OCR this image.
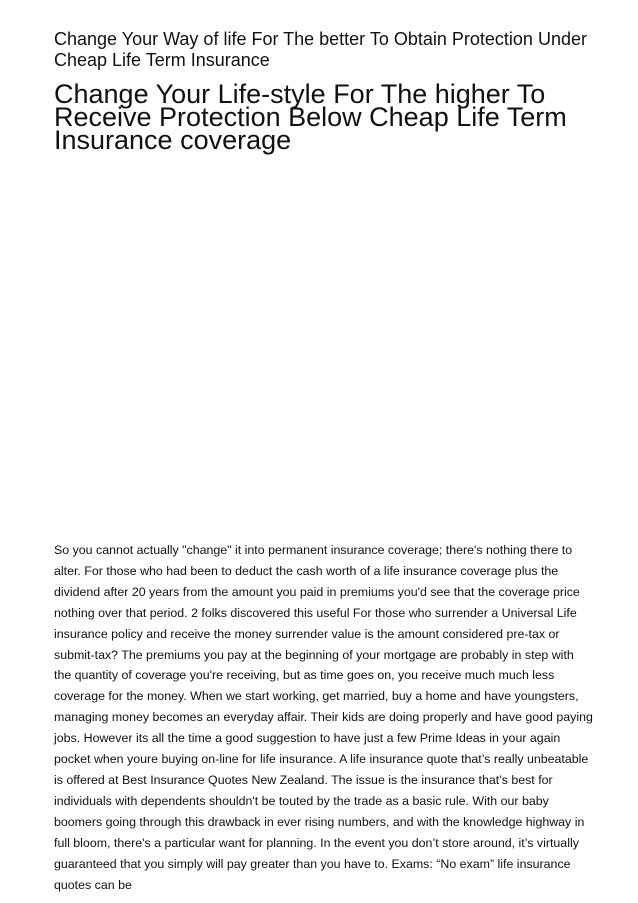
Change Your Way of life For The better To Obtain Protection Under Cheap Life Term Insurance
Change Your Life-style For The higher To Receive Protection Below Cheap Life Term Insurance coverage

So you cannot actually "change" it into permanent insurance coverage; there's nothing there to alter. For those who had been to deduct the cash worth of a life insurance coverage plus the dividend after 20 years from the amount you paid in premiums you'd see that the coverage price nothing over that period. 2 folks discovered this useful For those who surrender a Universal Life insurance policy and receive the money surrender value is the amount considered pre-tax or submit-tax? The premiums you pay at the beginning of your mortgage are probably in step with the quantity of coverage you're receiving, but as time goes on, you receive much much less coverage for the money. When we start working, get married, buy a home and have youngsters, managing money becomes an everyday affair. Their kids are doing properly and have good paying jobs. However its all the time a good suggestion to have just a few Prime Ideas in your again pocket when youre buying on-line for life insurance. A life insurance quote that’s really unbeatable is offered at Best Insurance Quotes New Zealand. The issue is the insurance that’s best for individuals with dependents shouldn't be touted by the trade as a basic rule. With our baby boomers going through this drawback in ever rising numbers, and with the knowledge highway in full bloom, there's a particular want for planning. In the event you don’t store around, it’s virtually guaranteed that you simply will pay greater than you have to. Exams: “No exam” life insurance quotes can be
